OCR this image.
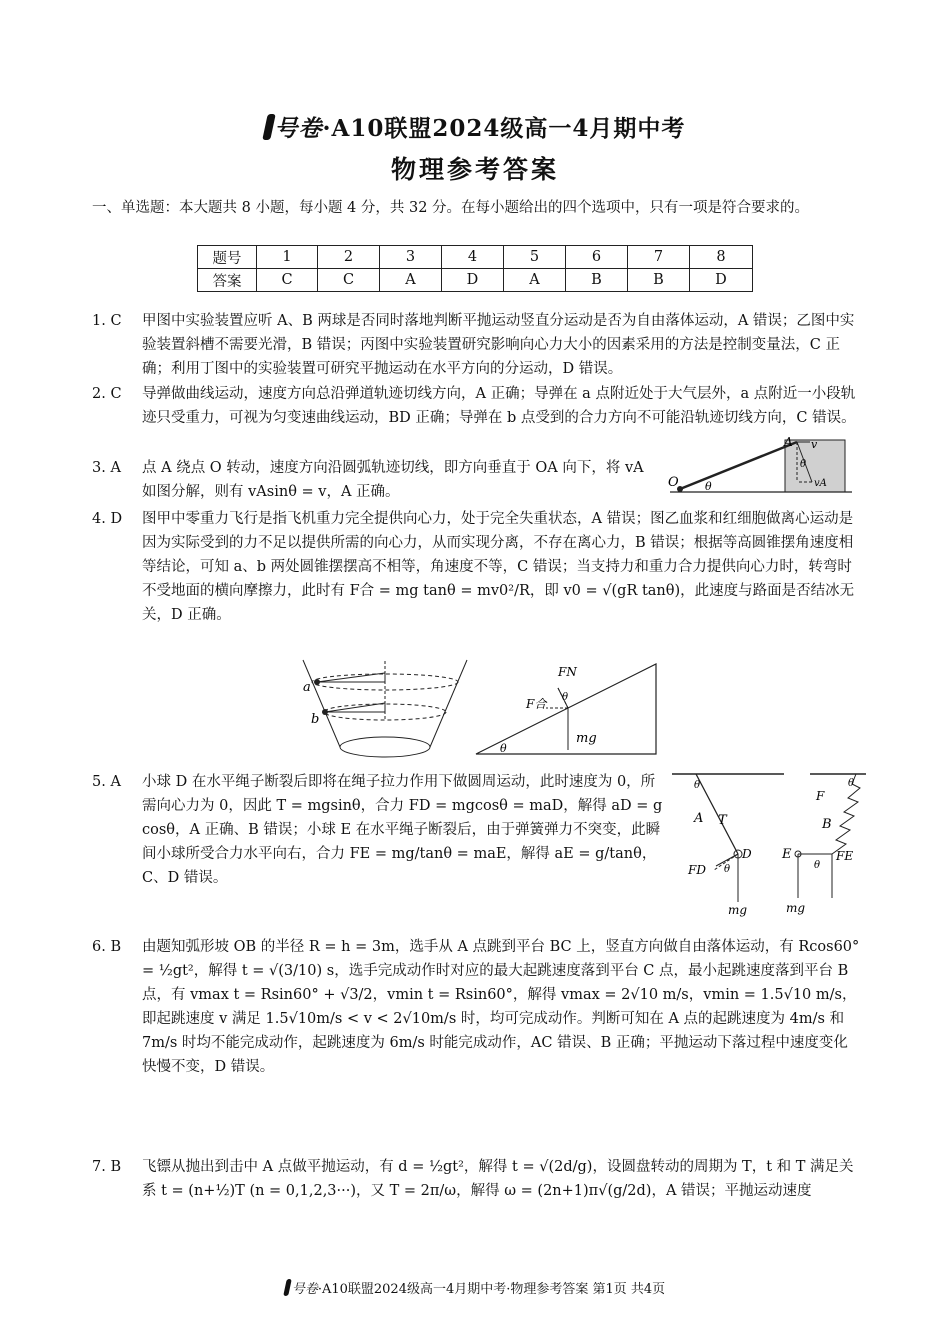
号卷·A10联盟2024级高一4月期中考
物理参考答案
一、单选题：本大题共 8 小题，每小题 4 分，共 32 分。在每小题给出的四个选项中，只有一项是符合要求的。
题号	1	2	3	4	5	6	7	8
答案	C	C	A	D	A	B	B	D
1. C	甲图中实验装置应听 A、B 两球是否同时落地判断平抛运动竖直分运动是否为自由落体运动，A 错误；乙图中实验装置斜槽不需要光滑，B 错误；丙图中实验装置研究影响向心力大小的因素采用的方法是控制变量法，C 正确；利用丁图中的实验装置可研究平抛运动在水平方向的分运动，D 错误。
2. C	导弹做曲线运动，速度方向总沿弹道轨迹切线方向，A 正确；导弹在 a 点附近处于大气层外，a 点附近一小段轨迹只受重力，可视为匀变速曲线运动，BD 正确；导弹在 b 点受到的合力方向不可能沿轨迹切线方向，C 错误。
3. A	点 A 绕点 O 转动，速度方向沿圆弧轨迹切线，即方向垂直于 OA 向下，将 vA 如图分解，则有 vAsinθ = v，A 正确。
O
A v
θ
θ
vA
4. D	图甲中零重力飞行是指飞机重力完全提供向心力，处于完全失重状态，A 错误；图乙血浆和红细胞做离心运动是因为实际受到的力不足以提供所需的向心力，从而实现分离，不存在离心力，B 错误；根据等高圆锥摆角速度相等结论，可知 a、b 两处圆锥摆摆高不相等，角速度不等，C 错误；当支持力和重力合力提供向心力时，转弯时不受地面的横向摩擦力，此时有 F合 = mg tanθ = mv0²/R，即 v0 = √(gR tanθ)，此速度与路面是否结冰无关，D 正确。
a
b
FN
F合 θ
mg
θ
5. A	小球 D 在水平绳子断裂后即将在绳子拉力作用下做圆周运动，此时速度为 0，所需向心力为 0，因此 T = mgsinθ，合力 FD = mgcosθ = maD，解得 aD = g cosθ，A 正确、B 错误；小球 E 在水平绳子断裂后，由于弹簧弹力不突变，此瞬间小球所受合力水平向右，合力 FE = mg/tanθ = maE，解得 aE = g/tanθ，C、D 错误。
θ
A T
D
FD θ
mg
θ
F
B
E
θ
FE
mg
6. B	由题知弧形坡 OB 的半径 R = h = 3m，选手从 A 点跳到平台 BC 上，竖直方向做自由落体运动，有 Rcos60° = ½gt²，解得 t = √(3/10) s，选手完成动作时对应的最大起跳速度落到平台 C 点，最小起跳速度落到平台 B 点，有 vmax t = Rsin60° + √3/2，vmin t = Rsin60°，解得 vmax = 2√10 m/s，vmin = 1.5√10 m/s，即起跳速度 v 满足 1.5√10m/s < v < 2√10m/s 时，均可完成动作。判断可知在 A 点的起跳速度为 4m/s 和 7m/s 时均不能完成动作，起跳速度为 6m/s 时能完成动作，AC 错误、B 正确；平抛运动下落过程中速度变化快慢不变，D 错误。
7. B	飞镖从抛出到击中 A 点做平抛运动，有 d = ½gt²，解得 t = √(2d/g)，设圆盘转动的周期为 T，t 和 T 满足关系 t = (n+½)T (n = 0,1,2,3···)，又 T = 2π/ω，解得 ω = (2n+1)π√(g/2d)，A 错误；平抛运动速度
号卷·A10联盟2024级高一4月期中考·物理参考答案 第1页 共4页
